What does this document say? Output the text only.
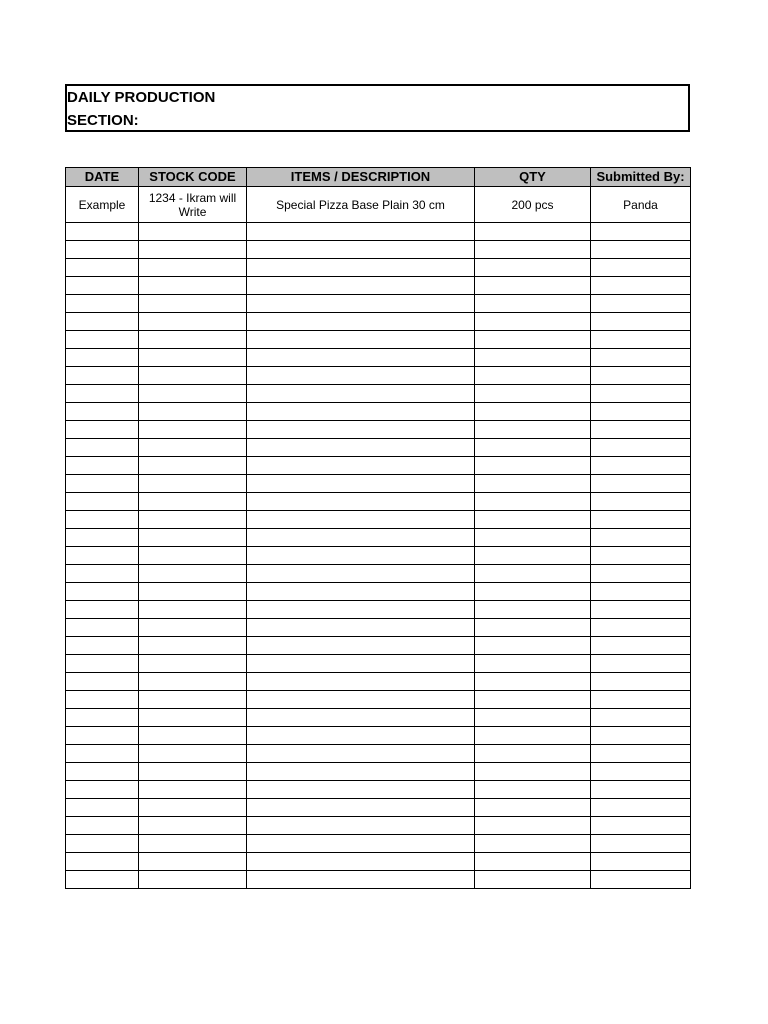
DAILY PRODUCTION
SECTION:
DATE	STOCK CODE	ITEMS / DESCRIPTION	QTY	Submitted By:
Example	1234 - Ikram will Write	Special Pizza Base Plain 30 cm	200 pcs	Panda
